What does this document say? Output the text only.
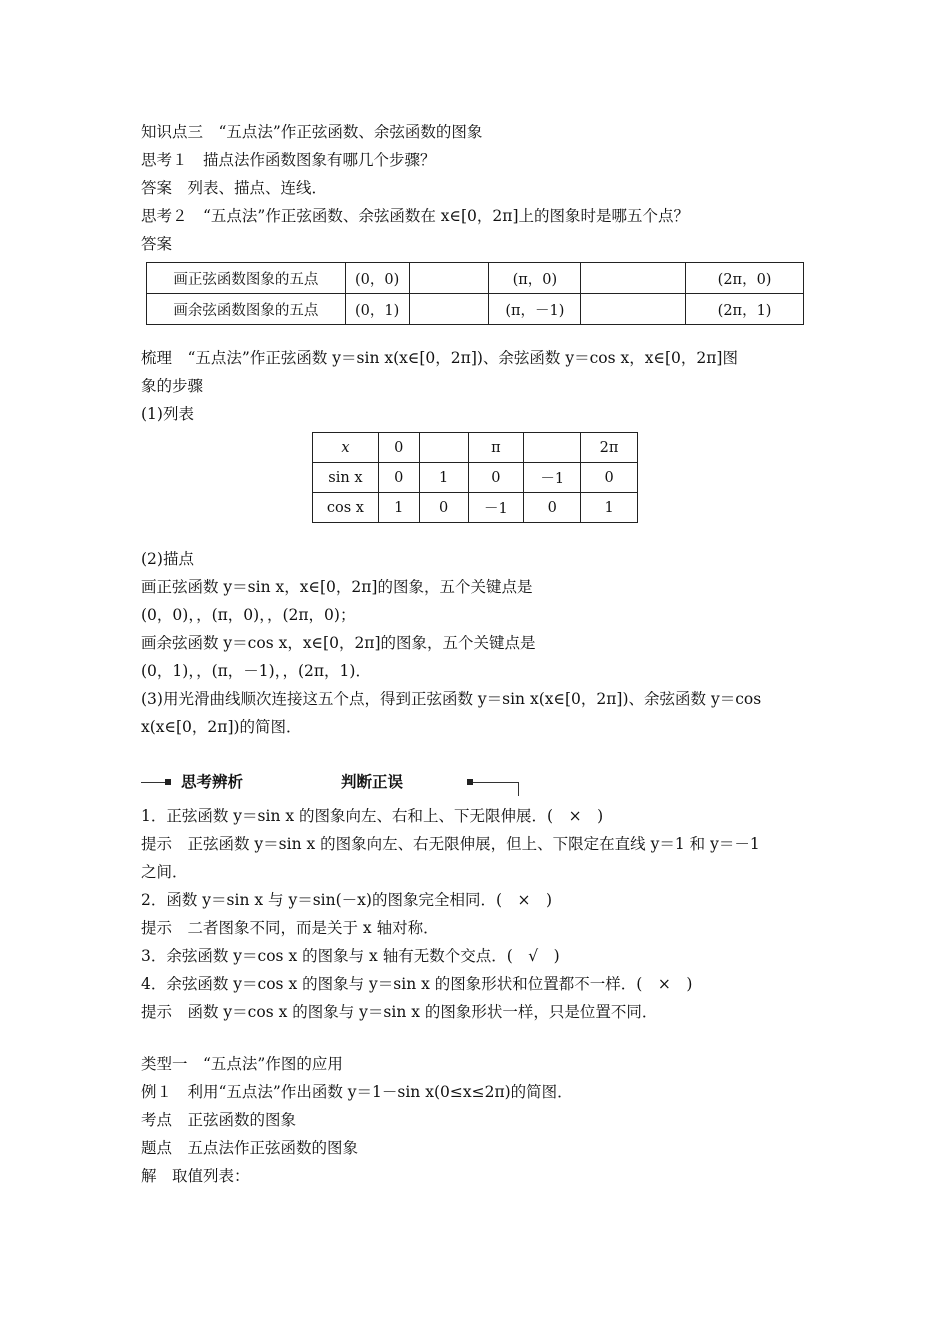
知识点三　“五点法”作正弦函数、余弦函数的图象
思考１　描点法作函数图象有哪几个步骤？
答案　列表、描点、连线．
思考２　“五点法”作正弦函数、余弦函数在 x∈[0，2π]上的图象时是哪五个点？
答案
画正弦函数图象的五点	(0，0)		(π，0)		(2π，0)
画余弦函数图象的五点	(0，1)		(π，－1)		(2π，1)
梳理　“五点法”作正弦函数 y＝sin x(x∈[0，2π])、余弦函数 y＝cos x，x∈[0，2π]图
象的步骤
(1)列表
x	0		π		2π
sin x	0	1	0	－1	0
cos x	1	0	－1	0	1
(2)描点
画正弦函数 y＝sin x，x∈[0，2π]的图象，五个关键点是
(0，0)，，(π，0)，，(2π，0)；
画余弦函数 y＝cos x，x∈[0，2π]的图象，五个关键点是
(0，1)，，(π，－1)，，(2π，1)．
(3)用光滑曲线顺次连接这五个点，得到正弦函数 y＝sin x(x∈[0，2π])、余弦函数 y＝cos
x(x∈[0，2π])的简图．
思考辨析	判断正误
1．正弦函数 y＝sin x 的图象向左、右和上、下无限伸展．(　×　)
提示　正弦函数 y＝sin x 的图象向左、右无限伸展，但上、下限定在直线 y＝1 和 y＝－1
之间．
2．函数 y＝sin x 与 y＝sin(－x)的图象完全相同．(　×　)
提示　二者图象不同，而是关于 x 轴对称．
3．余弦函数 y＝cos x 的图象与 x 轴有无数个交点．(　√　)
4．余弦函数 y＝cos x 的图象与 y＝sin x 的图象形状和位置都不一样．(　×　)
提示　函数 y＝cos x 的图象与 y＝sin x 的图象形状一样，只是位置不同．
类型一　“五点法”作图的应用
例１　利用“五点法”作出函数 y＝1－sin x(0≤x≤2π)的简图．
考点　正弦函数的图象
题点　五点法作正弦函数的图象
解　取值列表：
